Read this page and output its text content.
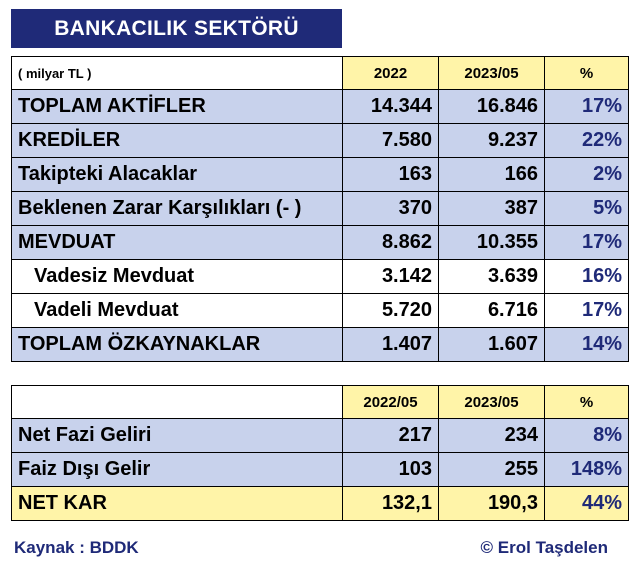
BANKACILIK SEKTÖRÜ
( milyar TL )	2022	2023/05	%
TOPLAM AKTİFLER	14.344	16.846	17%
KREDİLER	7.580	9.237	22%
Takipteki Alacaklar	163	166	2%
Beklenen Zarar Karşılıkları (- )	370	387	5%
MEVDUAT	8.862	10.355	17%
Vadesiz Mevduat	3.142	3.639	16%
Vadeli Mevduat	5.720	6.716	17%
TOPLAM ÖZKAYNAKLAR	1.407	1.607	14%
	2022/05	2023/05	%
Net Fazi Geliri	217	234	8%
Faiz Dışı Gelir	103	255	148%
NET KAR	132,1	190,3	44%
Kaynak : BDDK	© Erol Taşdelen
